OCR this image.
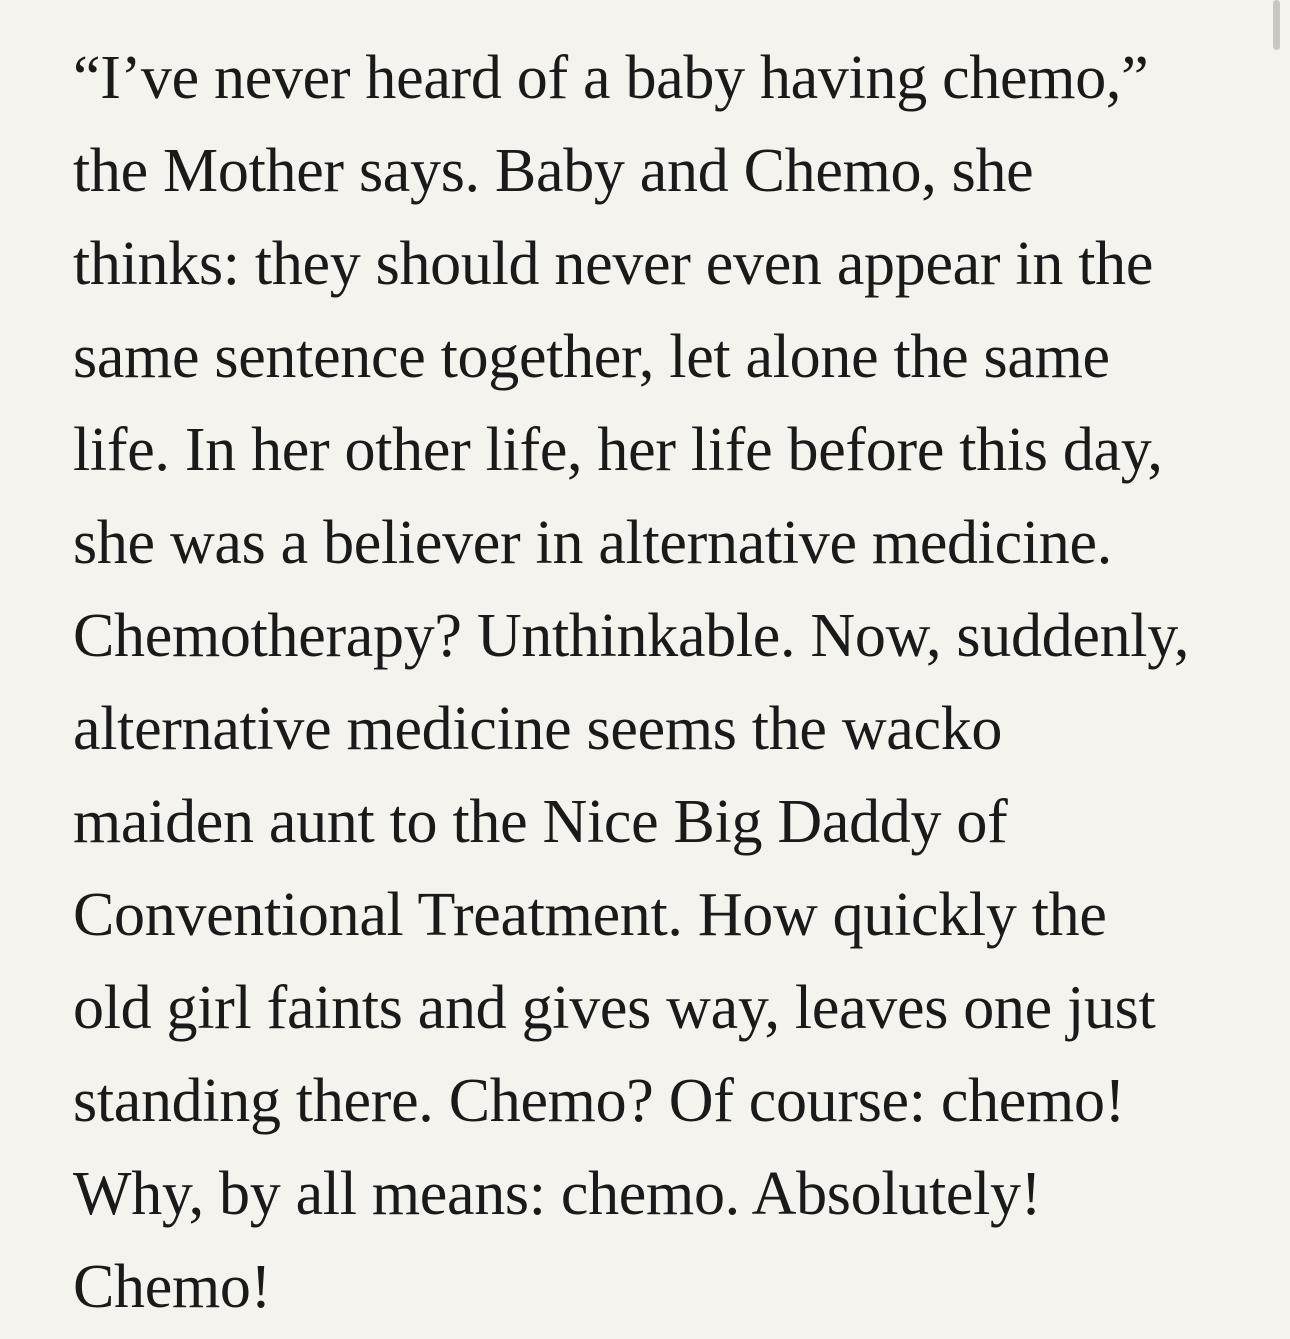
“I’ve never heard of a baby having chemo,”
the Mother says. Baby and Chemo, she
thinks: they should never even appear in the
same sentence together, let alone the same
life. In her other life, her life before this day,
she was a believer in alternative medicine.
Chemotherapy? Unthinkable. Now, suddenly,
alternative medicine seems the wacko
maiden aunt to the Nice Big Daddy of
Conventional Treatment. How quickly the
old girl faints and gives way, leaves one just
standing there. Chemo? Of course: chemo!
Why, by all means: chemo. Absolutely!
Chemo!
